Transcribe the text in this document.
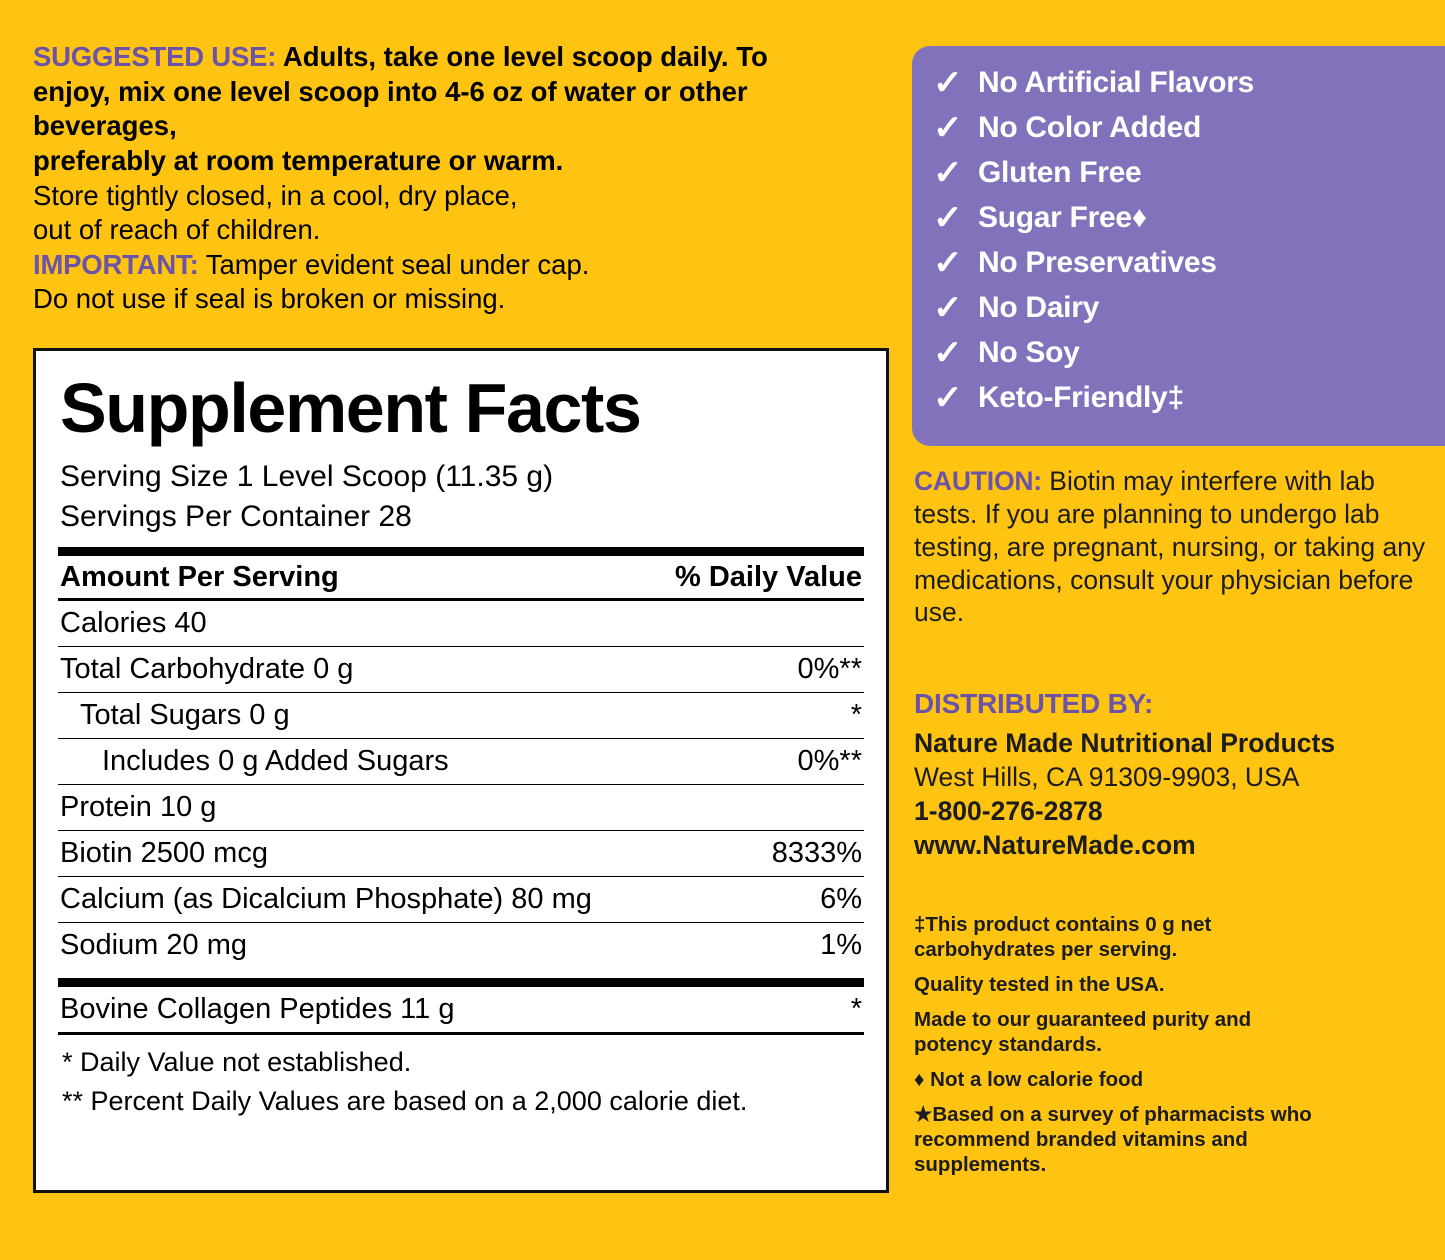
SUGGESTED USE: Adults, take one level scoop daily. To
enjoy, mix one level scoop into 4-6 oz of water or other beverages,
preferably at room temperature or warm.

Store tightly closed, in a cool, dry place,
out of reach of children.

IMPORTANT: Tamper evident seal under cap.
Do not use if seal is broken or missing.

Supplement Facts
Serving Size 1 Level Scoop (11.35 g)
Servings Per Container 28
Amount Per Serving	% Daily Value
Calories 40
Total Carbohydrate 0 g	0%**
Total Sugars 0 g	*
Includes 0 g Added Sugars	0%**
Protein 10 g
Biotin 2500 mcg	8333%
Calcium (as Dicalcium Phosphate) 80 mg	6%
Sodium 20 mg	1%
Bovine Collagen Peptides 11 g	*
* Daily Value not established.
** Percent Daily Values are based on a 2,000 calorie diet.
✓ No Artificial Flavors
✓ No Color Added
✓ Gluten Free
✓ Sugar Free♦
✓ No Preservatives
✓ No Dairy
✓ No Soy
✓ Keto-Friendly‡
CAUTION: Biotin may interfere with lab tests. If you are planning to undergo lab testing, are pregnant, nursing, or taking any medications, consult your physician before use.
DISTRIBUTED BY:
Nature Made Nutritional Products
West Hills, CA 91309-9903, USA
1-800-276-2878
www.NatureMade.com

‡This product contains 0 g net carbohydrates per serving.

Quality tested in the USA.

Made to our guaranteed purity and potency standards.

♦ Not a low calorie food

★Based on a survey of pharmacists who recommend branded vitamins and supplements.
